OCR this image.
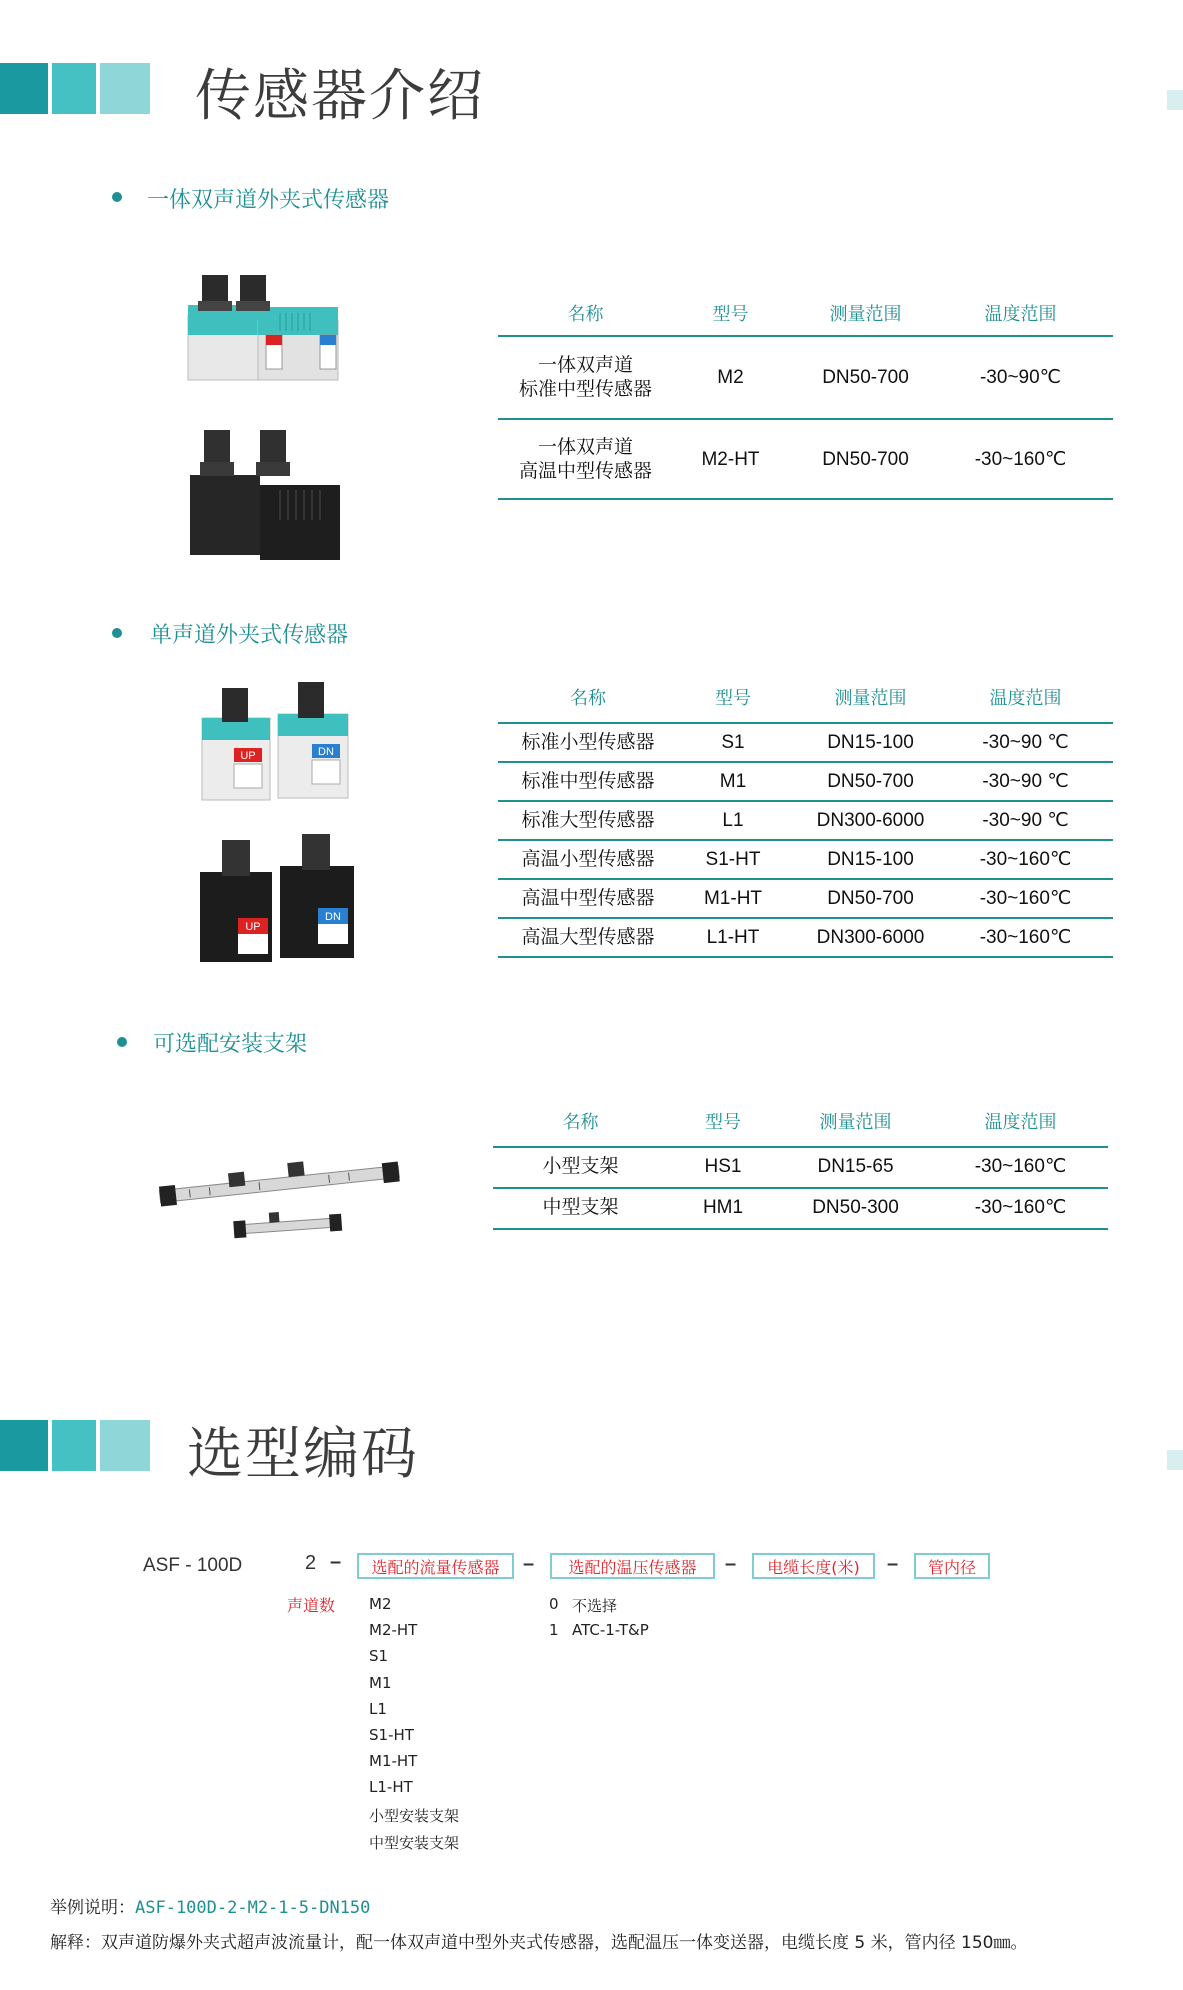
传感器介绍
一体双声道外夹式传感器
名称	型号	测量范围	温度范围
一体双声道
标准中型传感器
M2	DN50-700	-30~90℃
一体双声道
高温中型传感器
M2-HT	DN50-700	-30~160℃
单声道外夹式传感器
UP	DN
UP
DN
名称	型号	测量范围	温度范围
标准小型传感器	S1	DN15-100	-30~90 ℃
标准中型传感器	M1	DN50-700	-30~90 ℃
标准大型传感器	L1	DN300-6000	-30~90 ℃
高温小型传感器	S1-HT	DN15-100	-30~160℃
高温中型传感器	M1-HT	DN50-700	-30~160℃
高温大型传感器	L1-HT	DN300-6000	-30~160℃
可选配安装支架
名称	型号	测量范围	温度范围
小型支架	HS1	DN15-65	-30~160℃
中型支架	HM1	DN50-300	-30~160℃
选型编码
ASF - 100D	2 –	选配的流量传感器	–	选配的温压传感器	–	电缆长度(米)	–	管内径
声道数 M2
M2-HT
S1
M1
L1
S1-HT
M1-HT
L1-HT
小型安装支架
中型安装支架
0 不选择
1 ATC-1-T&P
举例说明：ASF-100D-2-M2-1-5-DN150
解释：双声道防爆外夹式超声波流量计，配一体双声道中型外夹式传感器，选配温压一体变送器，电缆长度 5 米，管内径 150㎜。
